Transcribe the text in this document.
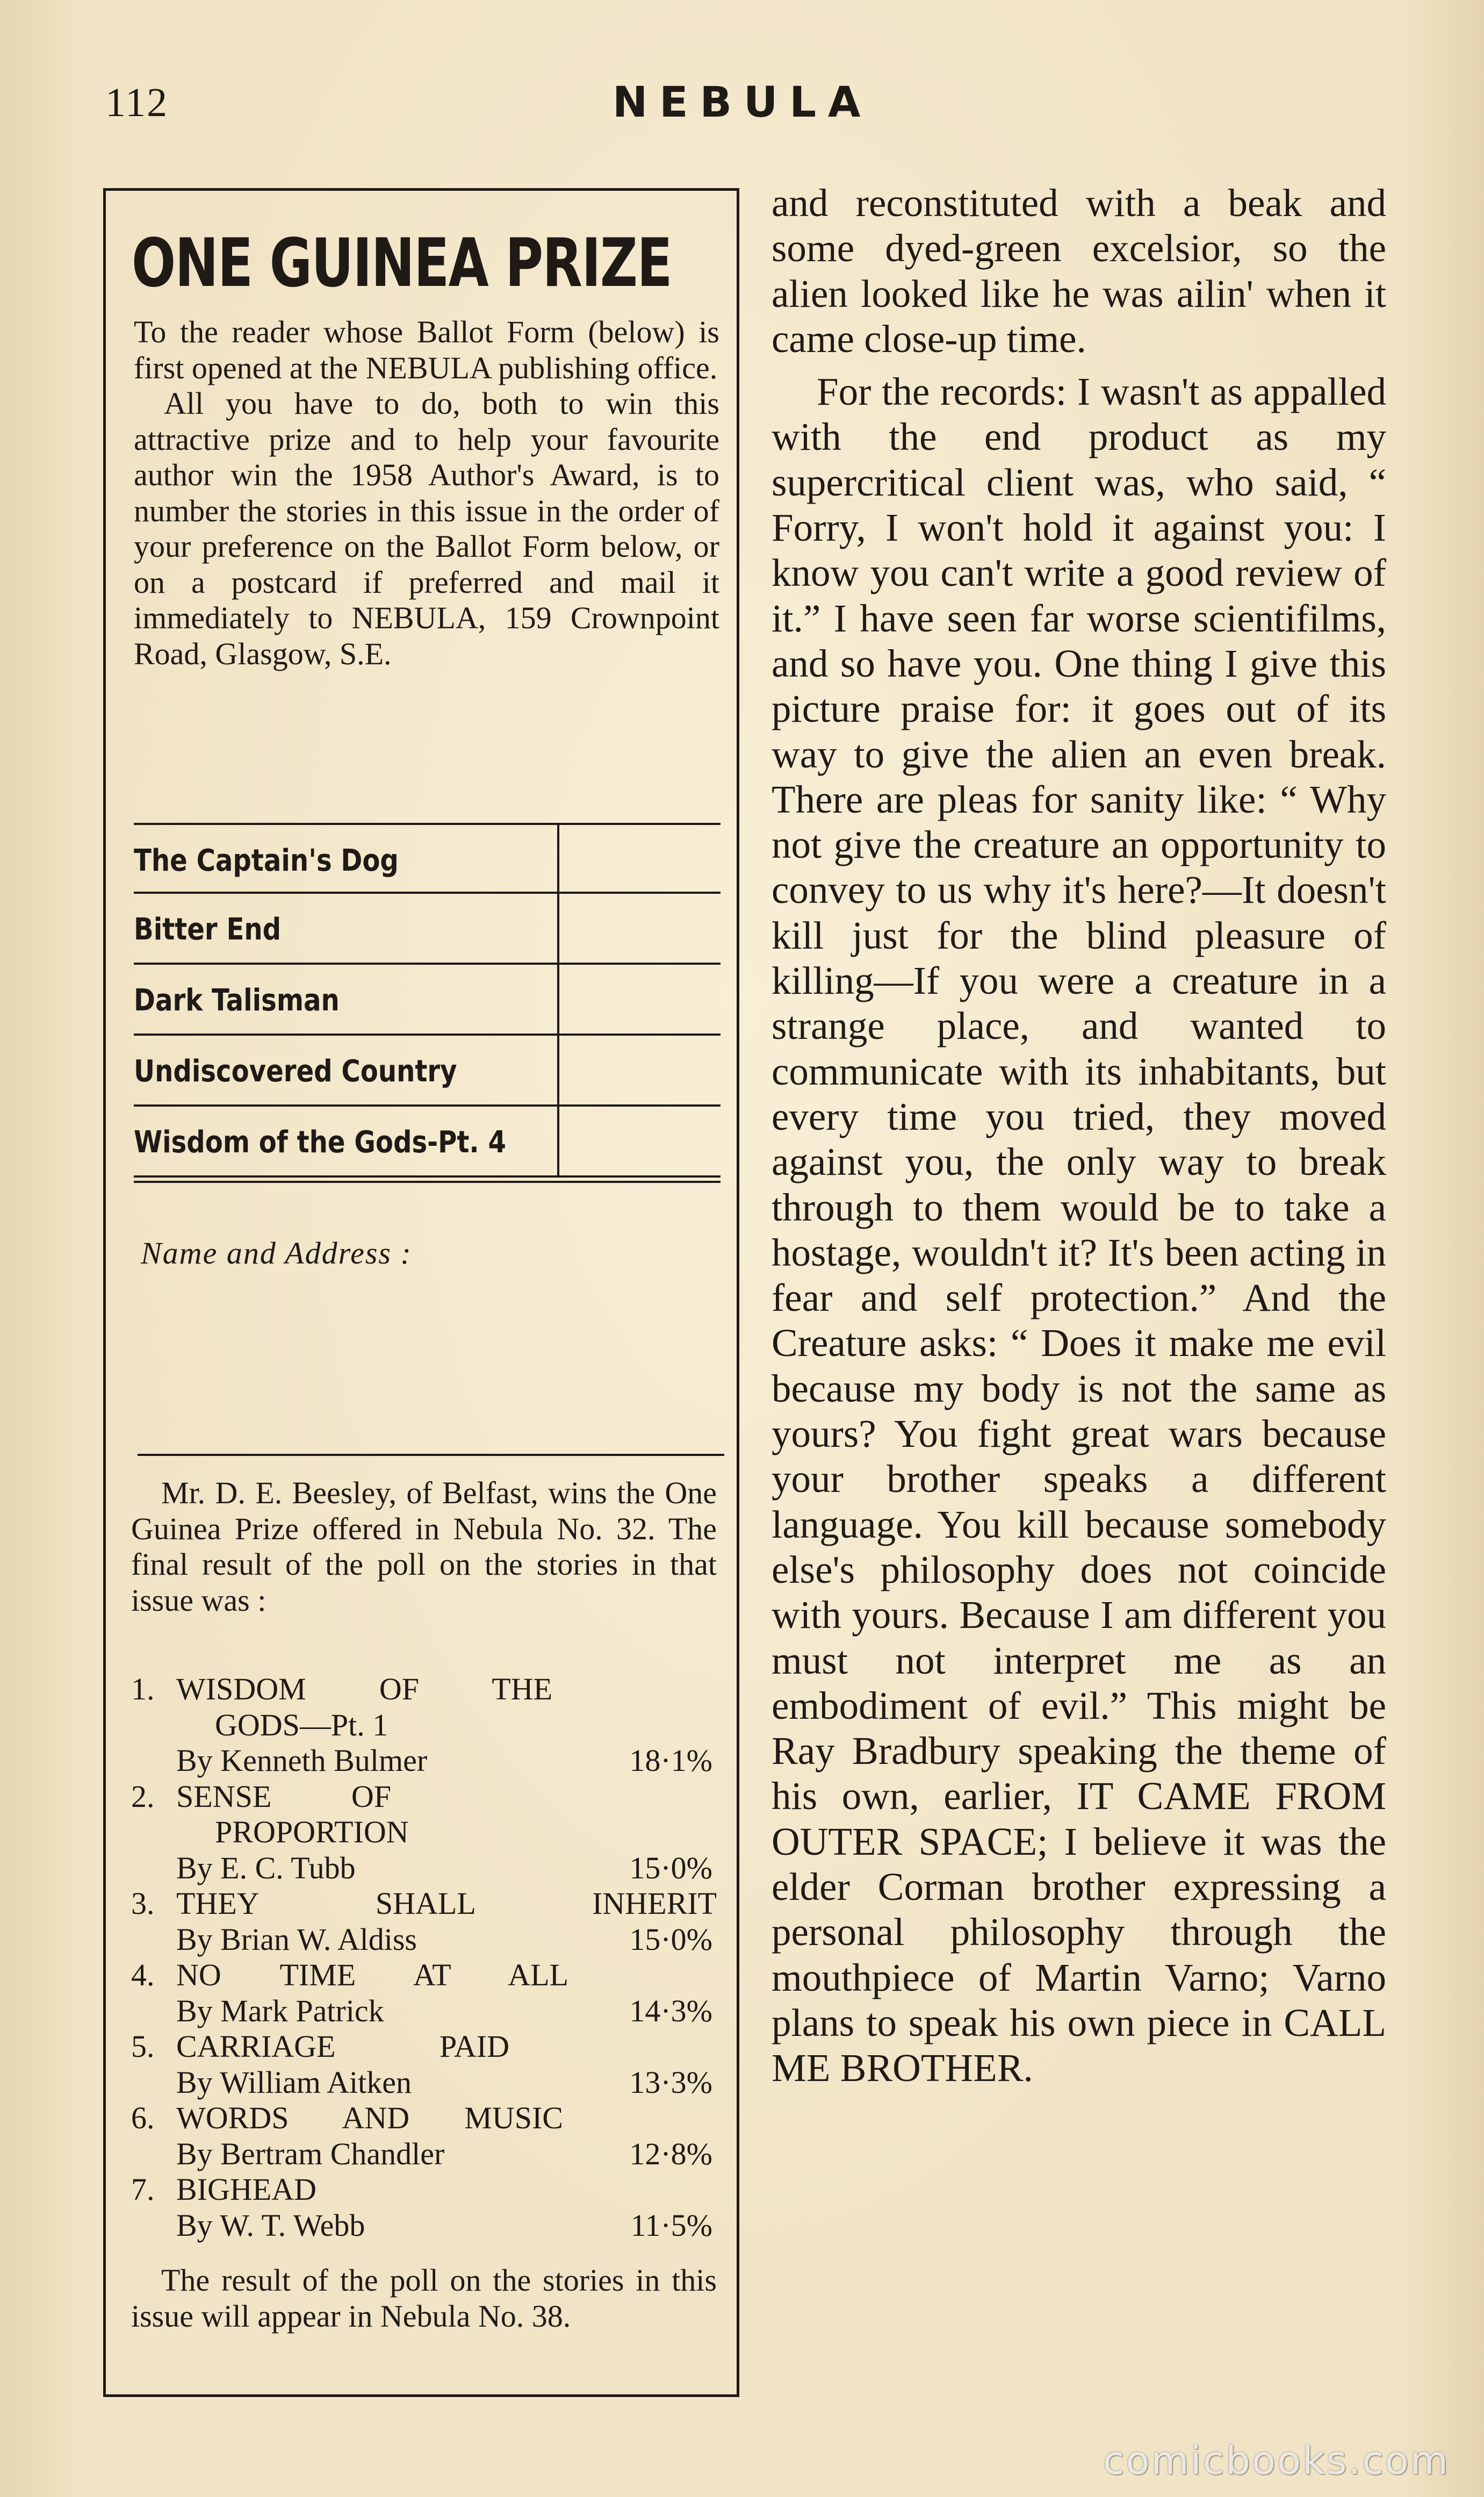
112	NEBULA
ONE GUINEA PRIZE

To the reader whose Ballot Form (below) is first opened at the NEBULA publishing office.

All you have to do, both to win this attractive prize and to help your favourite author win the 1958 Author's Award, is to number the stories in this issue in the order of your preference on the Ballot Form below, or on a postcard if preferred and mail it immediately to NEBULA, 159 Crownpoint Road, Glasgow, S.E.

The Captain's Dog
Bitter End
Dark Talisman
Undiscovered Country
Wisdom of the Gods-Pt. 4
Name and Address :

Mr. D. E. Beesley, of Belfast, wins the One Guinea Prize offered in Nebula No. 32. The final result of the poll on the stories in that issue was :

1. WISDOM OF THE
GODS—Pt. 1
By Kenneth Bulmer	18·1%
2. SENSE OF
PROPORTION
By E. C. Tubb	15·0%
3. THEY SHALL INHERIT
By Brian W. Aldiss	15·0%
4. NO TIME AT ALL
By Mark Patrick	14·3%
5. CARRIAGE PAID
By William Aitken	13·3%
6. WORDS AND MUSIC
By Bertram Chandler	12·8%
7. BIGHEAD
By W. T. Webb	11·5%

The result of the poll on the stories in this issue will appear in Nebula No. 38.

and reconstituted with a beak and some dyed-green excelsior, so the alien looked like he was ailin' when it came close-up time.

For the records: I wasn't as appalled with the end product as my supercritical client was, who said, “ Forry, I won't hold it against you: I know you can't write a good review of it.” I have seen far worse scientifilms, and so have you. One thing I give this picture praise for: it goes out of its way to give the alien an even break. There are pleas for sanity like: “ Why not give the creature an opportunity to convey to us why it's here?—It doesn't kill just for the blind pleasure of killing—If you were a creature in a strange place, and wanted to communicate with its inhabitants, but every time you tried, they moved against you, the only way to break through to them would be to take a hostage, wouldn't it? It's been acting in fear and self protection.” And the Creature asks: “ Does it make me evil because my body is not the same as yours? You fight great wars because your brother speaks a different language. You kill because somebody else's philosophy does not coincide with yours. Because I am different you must not interpret me as an embodiment of evil.” This might be Ray Bradbury speaking the theme of his own, earlier, IT CAME FROM OUTER SPACE; I believe it was the elder Corman brother expressing a personal philosophy through the mouthpiece of Martin Varno; Varno plans to speak his own piece in CALL ME BROTHER.

comicbooks.com
